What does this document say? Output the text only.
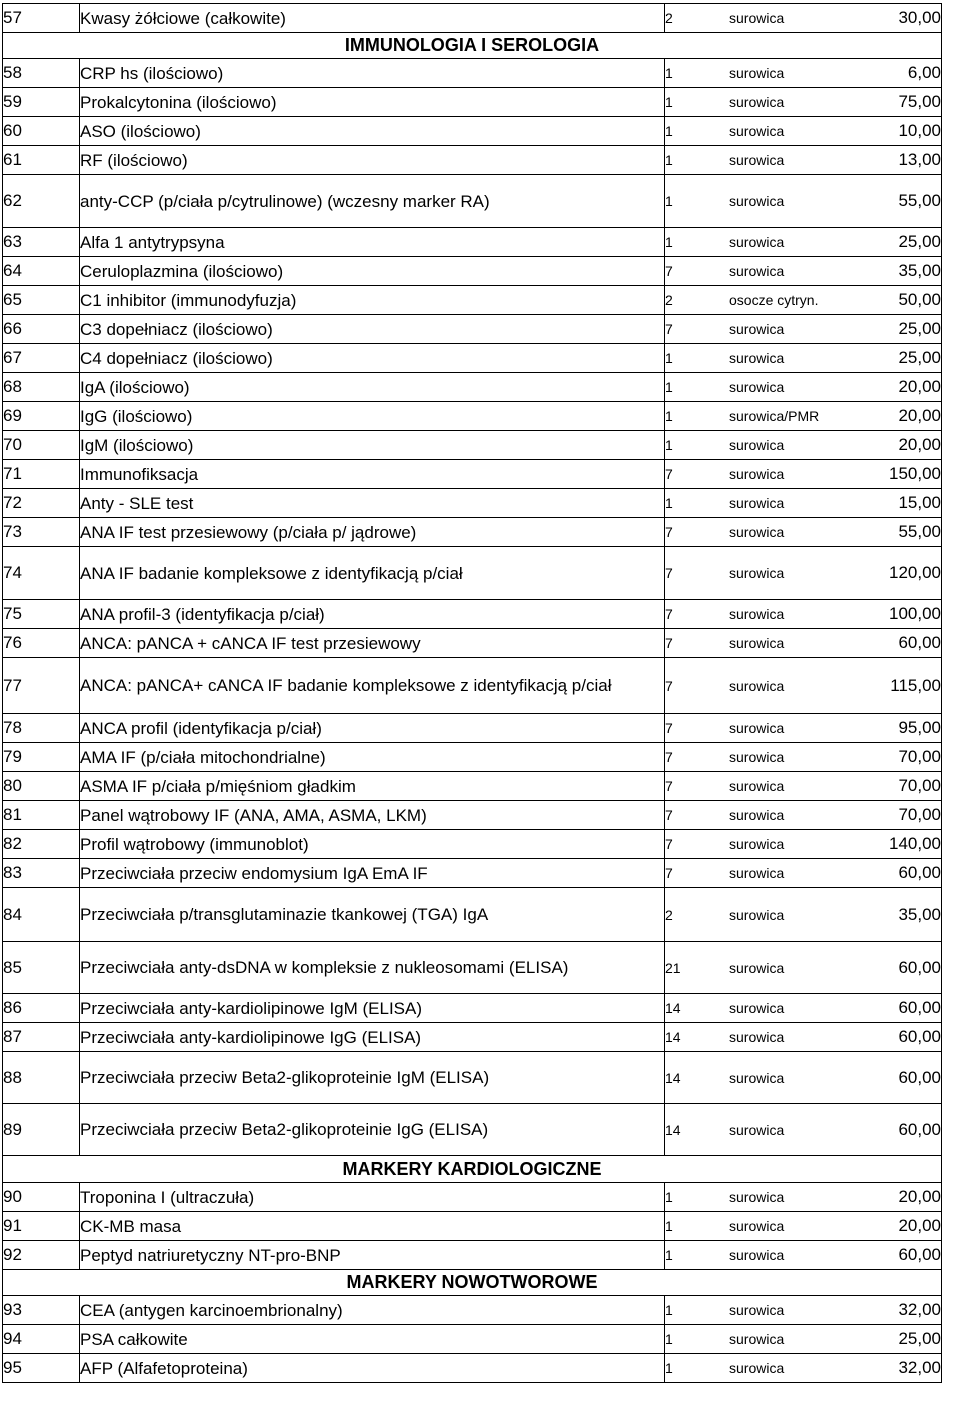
57	Kwasy żółciowe (całkowite)	2	surowica	30,00
IMMUNOLOGIA I SEROLOGIA				
58	CRP hs (ilościowo)	1	surowica	6,00
59	Prokalcytonina (ilościowo)	1	surowica	75,00
60	ASO (ilościowo)	1	surowica	10,00
61	RF (ilościowo)	1	surowica	13,00
62	anty-CCP (p/ciała p/cytrulinowe) (wczesny marker RA)	1	surowica	55,00
63	Alfa 1 antytrypsyna	1	surowica	25,00
64	Ceruloplazmina (ilościowo)	7	surowica	35,00
65	C1 inhibitor (immunodyfuzja)	2	osocze cytryn.	50,00
66	C3 dopełniacz (ilościowo)	7	surowica	25,00
67	C4 dopełniacz (ilościowo)	1	surowica	25,00
68	IgA (ilościowo)	1	surowica	20,00
69	IgG (ilościowo)	1	surowica/PMR	20,00
70	IgM (ilościowo)	1	surowica	20,00
71	Immunofiksacja	7	surowica	150,00
72	Anty - SLE test	1	surowica	15,00
73	ANA IF test przesiewowy (p/ciała p/ jądrowe)	7	surowica	55,00
74	ANA IF badanie kompleksowe z identyfikacją p/ciał	7	surowica	120,00
75	ANA profil-3 (identyfikacja p/ciał)	7	surowica	100,00
76	ANCA: pANCA + cANCA IF test przesiewowy	7	surowica	60,00
77	ANCA: pANCA+ cANCA IF badanie kompleksowe z identyfikacją p/ciał	7	surowica	115,00
78	ANCA profil (identyfikacja p/ciał)	7	surowica	95,00
79	AMA IF (p/ciała mitochondrialne)	7	surowica	70,00
80	ASMA IF p/ciała p/mięśniom gładkim	7	surowica	70,00
81	Panel wątrobowy IF (ANA, AMA, ASMA, LKM)	7	surowica	70,00
82	Profil wątrobowy (immunoblot)	7	surowica	140,00
83	Przeciwciała przeciw endomysium IgA EmA IF	7	surowica	60,00
84	Przeciwciała p/transglutaminazie tkankowej (TGA) IgA	2	surowica	35,00
85	Przeciwciała anty-dsDNA w kompleksie z nukleosomami (ELISA)	21	surowica	60,00
86	Przeciwciała anty-kardiolipinowe IgM (ELISA)	14	surowica	60,00
87	Przeciwciała anty-kardiolipinowe IgG (ELISA)	14	surowica	60,00
88	Przeciwciała przeciw Beta2-glikoproteinie IgM (ELISA)	14	surowica	60,00
89	Przeciwciała przeciw Beta2-glikoproteinie IgG (ELISA)	14	surowica	60,00
MARKERY KARDIOLOGICZNE				
90	Troponina I (ultraczuła)	1	surowica	20,00
91	CK-MB masa	1	surowica	20,00
92	Peptyd natriuretyczny NT-pro-BNP	1	surowica	60,00
MARKERY NOWOTWOROWE				
93	CEA (antygen karcinoembrionalny)	1	surowica	32,00
94	PSA całkowite	1	surowica	25,00
95	AFP (Alfafetoproteina)	1	surowica	32,00
